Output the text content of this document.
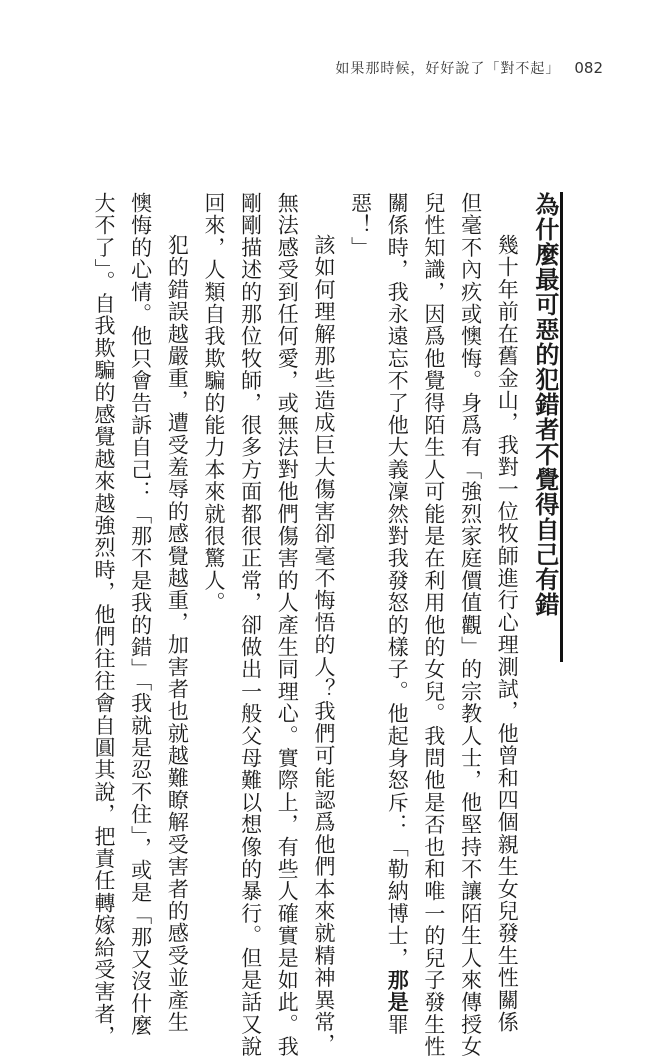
如果那時候，好好說了「對不起」 082
為什麼最可惡的犯錯者不覺得自己有錯
幾十年前在舊金山，我對一位牧師進行心理測試，他曾和四個親生女兒發生性關係
但毫不內疚或懊悔。身爲有「強烈家庭價值觀」的宗教人士，他堅持不讓陌生人來傳授女
兒性知識，因爲他覺得陌生人可能是在利用他的女兒。我問他是否也和唯一的兒子發生性
關係時，我永遠忘不了他大義凜然對我發怒的樣子。他起身怒斥：「勒納博士，那是罪
惡！」
該如何理解那些造成巨大傷害卻毫不悔悟的人？我們可能認爲他們本來就精神異常，
無法感受到任何愛，或無法對他們傷害的人產生同理心。實際上，有些人確實是如此。我
剛剛描述的那位牧師，很多方面都很正常，卻做出一般父母難以想像的暴行。但是話又說
回來，人類自我欺騙的能力本來就很驚人。
犯的錯誤越嚴重，遭受羞辱的感覺越重，加害者也就越難瞭解受害者的感受並產生
懊悔的心情。他只會告訴自己：「那不是我的錯」「我就是忍不住」，或是「那又沒什麼
大不了」。自我欺騙的感覺越來越強烈時，他們往往會自圓其說，把責任轉嫁給受害者，
